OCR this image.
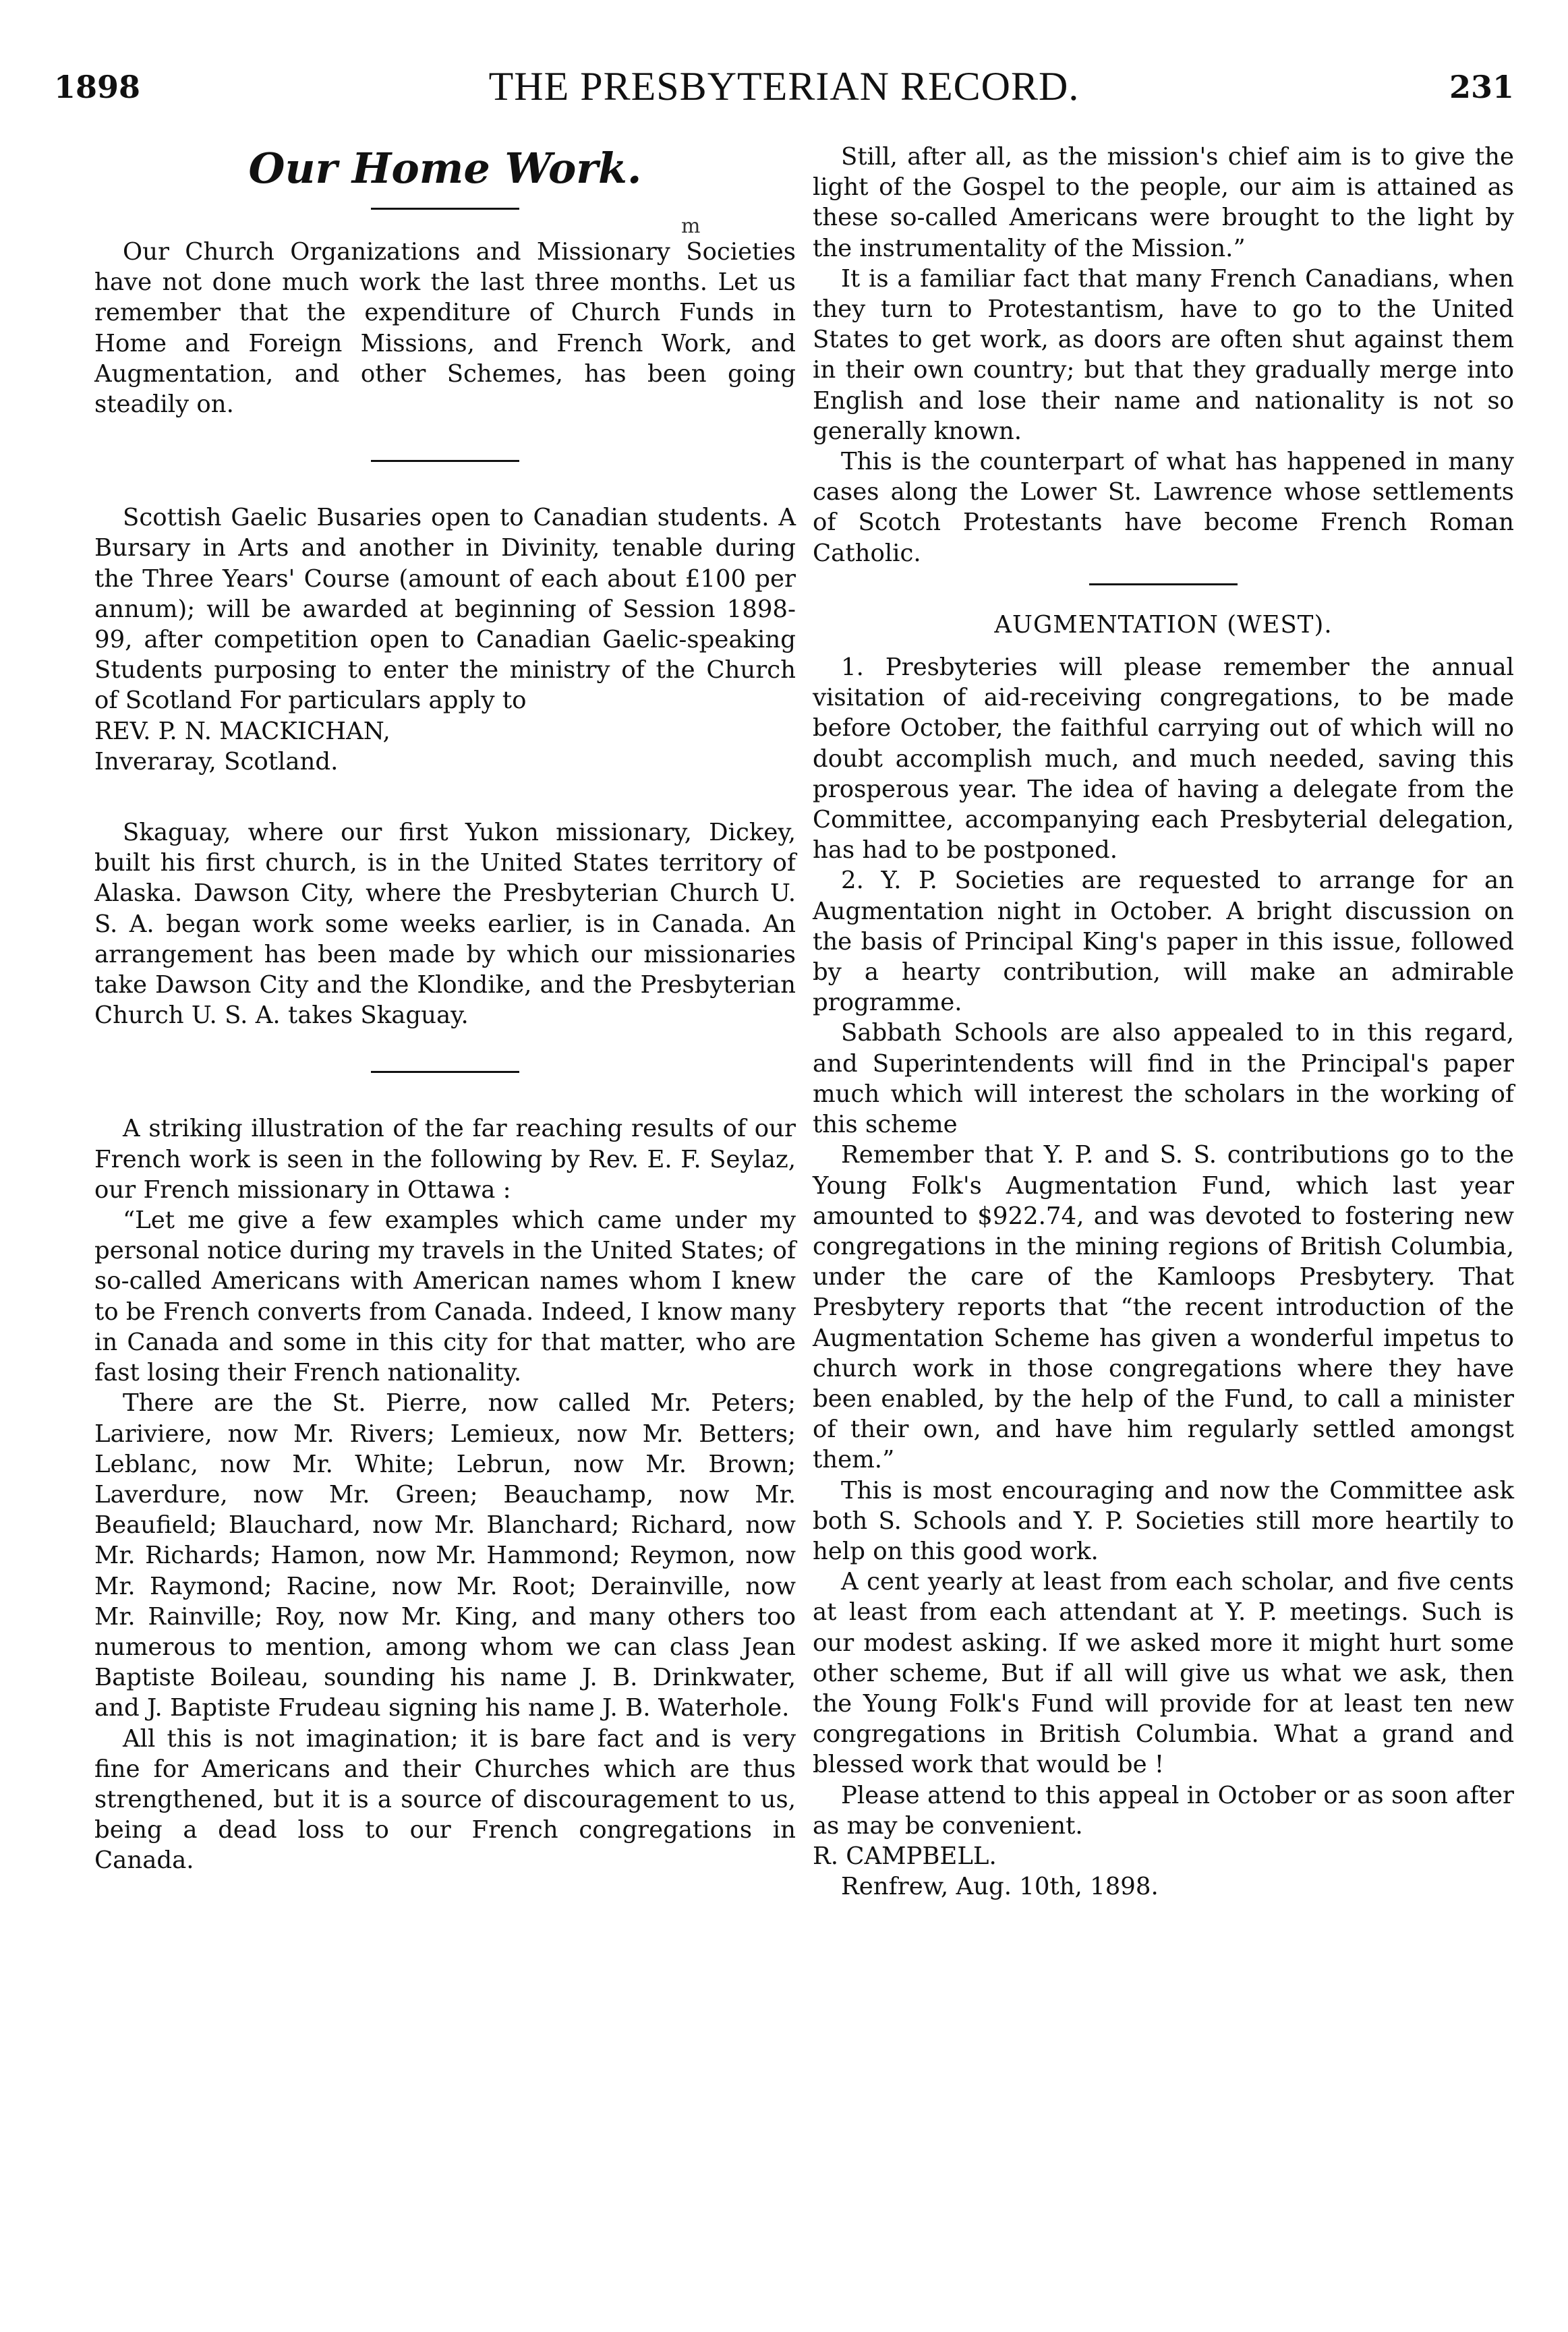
1898	THE PRESBYTERIAN RECORD.	231
m
Our Home Work.

Our Church Organizations and Missionary Societies have not done much work the last three months. Let us remember that the expenditure of Church Funds in Home and Foreign Missions, and French Work, and Augmentation, and other Schemes, has been going steadily on.

Scottish Gaelic Busaries open to Canadian students. A Bursary in Arts and another in Divinity, tenable during the Three Years' Course (amount of each about £100 per annum); will be awarded at beginning of Session 1898-99, after competition open to Canadian Gaelic-speaking Students purposing to enter the ministry of the Church of Scotland For particulars apply to

REV. P. N. MACKICHAN,

Inveraray, Scotland.

Skaguay, where our first Yukon missionary, Dickey, built his first church, is in the United States territory of Alaska. Dawson City, where the Presbyterian Church U. S. A. began work some weeks earlier, is in Canada. An arrangement has been made by which our missionaries take Dawson City and the Klondike, and the Presbyterian Church U. S. A. takes Skaguay.

A striking illustration of the far reaching results of our French work is seen in the following by Rev. E. F. Seylaz, our French missionary in Ottawa :

“Let me give a few examples which came under my personal notice during my travels in the United States; of so-called Americans with American names whom I knew to be French converts from Canada. Indeed, I know many in Canada and some in this city for that matter, who are fast losing their French nationality.

There are the St. Pierre, now called Mr. Peters; Lariviere, now Mr. Rivers; Lemieux, now Mr. Betters; Leblanc, now Mr. White; Lebrun, now Mr. Brown; Laverdure, now Mr. Green; Beauchamp, now Mr. Beaufield; Blauchard, now Mr. Blanchard; Richard, now Mr. Richards; Hamon, now Mr. Hammond; Reymon, now Mr. Raymond; Racine, now Mr. Root; Derainville, now Mr. Rainville; Roy, now Mr. King, and many others too numerous to mention, among whom we can class Jean Baptiste Boileau, sounding his name J. B. Drinkwater, and J. Baptiste Frudeau signing his name J. B. Waterhole.

All this is not imagination; it is bare fact and is very fine for Americans and their Churches which are thus strengthened, but it is a source of discouragement to us, being a dead loss to our French congregations in Canada.

Still, after all, as the mission's chief aim is to give the light of the Gospel to the people, our aim is attained as these so-called Americans were brought to the light by the instrumentality of the Mission.”

It is a familiar fact that many French Canadians, when they turn to Protestantism, have to go to the United States to get work, as doors are often shut against them in their own country; but that they gradually merge into English and lose their name and nationality is not so generally known.

This is the counterpart of what has happened in many cases along the Lower St. Lawrence whose settlements of Scotch Protestants have become French Roman Catholic.

AUGMENTATION (WEST).

1. Presbyteries will please remember the annual visitation of aid-receiving congregations, to be made before October, the faithful carrying out of which will no doubt accomplish much, and much needed, saving this prosperous year. The idea of having a delegate from the Committee, accompanying each Presbyterial delegation, has had to be postponed.

2. Y. P. Societies are requested to arrange for an Augmentation night in October. A bright discussion on the basis of Principal King's paper in this issue, followed by a hearty contribution, will make an admirable programme.

Sabbath Schools are also appealed to in this regard, and Superintendents will find in the Principal's paper much which will interest the scholars in the working of this scheme

Remember that Y. P. and S. S. contributions go to the Young Folk's Augmentation Fund, which last year amounted to $922.74, and was devoted to fostering new congregations in the mining regions of British Columbia, under the care of the Kamloops Presbytery. That Presbytery reports that “the recent introduction of the Augmentation Scheme has given a wonderful impetus to church work in those congregations where they have been enabled, by the help of the Fund, to call a minister of their own, and have him regularly settled amongst them.”

This is most encouraging and now the Committee ask both S. Schools and Y. P. Societies still more heartily to help on this good work.

A cent yearly at least from each scholar, and five cents at least from each attendant at Y. P. meetings. Such is our modest asking. If we asked more it might hurt some other scheme, But if all will give us what we ask, then the Young Folk's Fund will provide for at least ten new congregations in British Columbia. What a grand and blessed work that would be !

Please attend to this appeal in October or as soon after as may be convenient.

R. CAMPBELL.

Renfrew, Aug. 10th, 1898.
